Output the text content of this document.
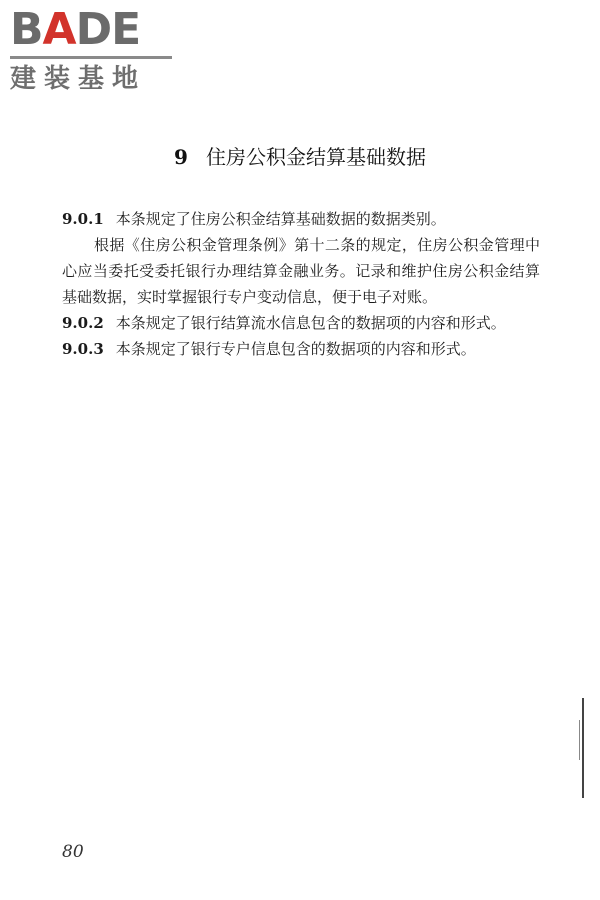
BADE
建装基地
9 住房公积金结算基础数据

9.0.1 本条规定了住房公积金结算基础数据的数据类别。

根据《住房公积金管理条例》第十二条的规定，住房公积金管理中心应当委托受委托银行办理结算金融业务。记录和维护住房公积金结算基础数据，实时掌握银行专户变动信息，便于电子对账。

9.0.2 本条规定了银行结算流水信息包含的数据项的内容和形式。

9.0.3 本条规定了银行专户信息包含的数据项的内容和形式。

80
